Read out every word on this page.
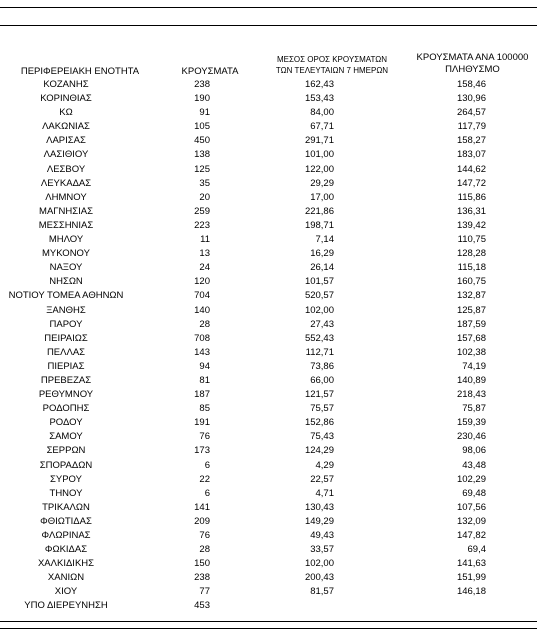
ΠΕΡΙΦΕΡΕΙΑΚΗ ΕΝΟΤΗΤΑ	ΚΡΟΥΣΜΑΤΑ
ΜΕΣΟΣ ΟΡΟΣ ΚΡΟΥΣΜΑΤΩΝ
ΤΩΝ ΤΕΛΕΥΤΑΙΩΝ 7 ΗΜΕΡΩΝ
ΚΡΟΥΣΜΑΤΑ ΑΝΑ 100000
ΠΛΗΘΥΣΜΟ
ΚΟΖΑΝΗΣ	238	162,43	158,46
ΚΟΡΙΝΘΙΑΣ	190	153,43	130,96
ΚΩ	91	84,00	264,57
ΛΑΚΩΝΙΑΣ	105	67,71	117,79
ΛΑΡΙΣΑΣ	450	291,71	158,27
ΛΑΣΙΘΙΟΥ	138	101,00	183,07
ΛΕΣΒΟΥ	125	122,00	144,62
ΛΕΥΚΑΔΑΣ	35	29,29	147,72
ΛΗΜΝΟΥ	20	17,00	115,86
ΜΑΓΝΗΣΙΑΣ	259	221,86	136,31
ΜΕΣΣΗΝΙΑΣ	223	198,71	139,42
ΜΗΛΟΥ	11	7,14	110,75
ΜΥΚΟΝΟΥ	13	16,29	128,28
ΝΑΞΟΥ	24	26,14	115,18
ΝΗΣΩΝ	120	101,57	160,75
ΝΟΤΙΟΥ ΤΟΜΕΑ ΑΘΗΝΩΝ	704	520,57	132,87
ΞΑΝΘΗΣ	140	102,00	125,87
ΠΑΡΟΥ	28	27,43	187,59
ΠΕΙΡΑΙΩΣ	708	552,43	157,68
ΠΕΛΛΑΣ	143	112,71	102,38
ΠΙΕΡΙΑΣ	94	73,86	74,19
ΠΡΕΒΕΖΑΣ	81	66,00	140,89
ΡΕΘΥΜΝΟΥ	187	121,57	218,43
ΡΟΔΟΠΗΣ	85	75,57	75,87
ΡΟΔΟΥ	191	152,86	159,39
ΣΑΜΟΥ	76	75,43	230,46
ΣΕΡΡΩΝ	173	124,29	98,06
ΣΠΟΡΑΔΩΝ	6	4,29	43,48
ΣΥΡΟΥ	22	22,57	102,29
ΤΗΝΟΥ	6	4,71	69,48
ΤΡΙΚΑΛΩΝ	141	130,43	107,56
ΦΘΙΩΤΙΔΑΣ	209	149,29	132,09
ΦΛΩΡΙΝΑΣ	76	49,43	147,82
ΦΩΚΙΔΑΣ	28	33,57	69,4
ΧΑΛΚΙΔΙΚΗΣ	150	102,00	141,63
ΧΑΝΙΩΝ	238	200,43	151,99
ΧΙΟΥ	77	81,57	146,18
ΥΠΟ ΔΙΕΡΕΥΝΗΣΗ	453
